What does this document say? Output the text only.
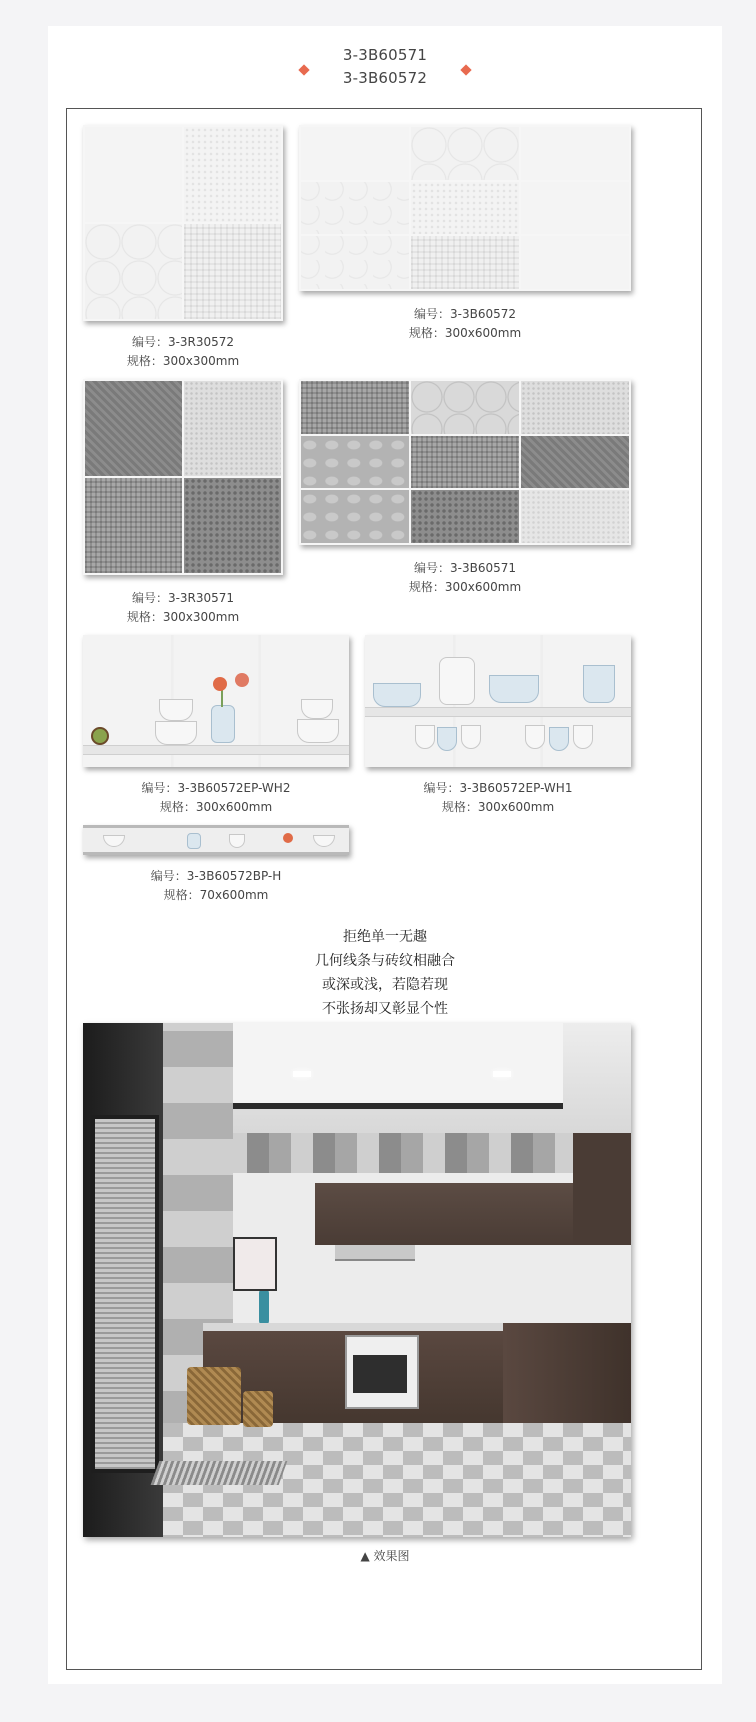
3-3B60571
3-3B60572
编号：3-3R30572
规格：300x300mm
编号：3-3B60572
规格：300x600mm
编号：3-3R30571
规格：300x300mm
编号：3-3B60571
规格：300x600mm
编号：3-3B60572EP-WH2
规格：300x600mm
编号：3-3B60572EP-WH1
规格：300x600mm
编号：3-3B60572BP-H
规格：70x600mm
拒绝单一无趣
几何线条与砖纹相融合
或深或浅，若隐若现
不张扬却又彰显个性
▲ 效果图
